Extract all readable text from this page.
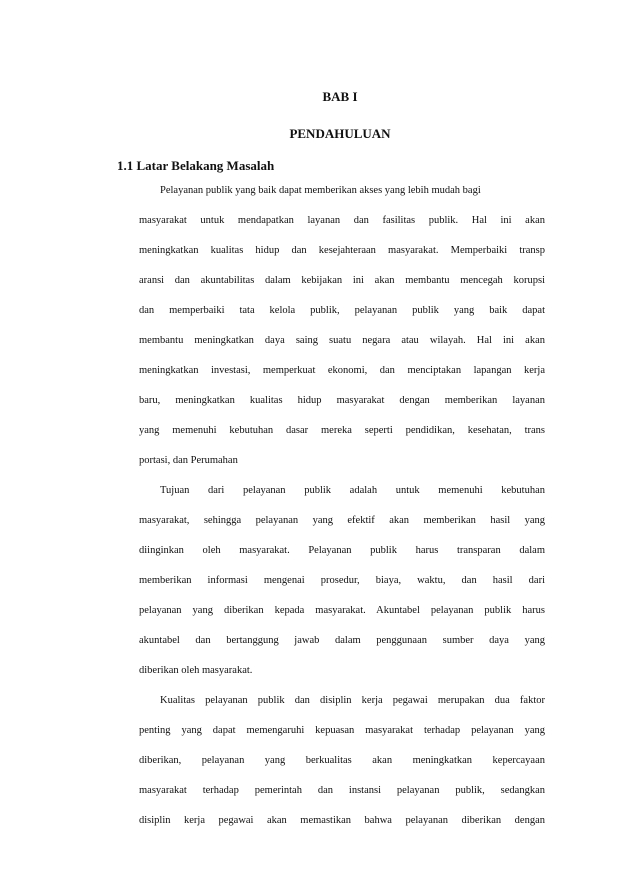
BAB I
PENDAHULUAN
1.1 Latar Belakang Masalah

Pelayanan publik yang baik dapat memberikan akses yang lebih mudah bagi
masyarakat untuk mendapatkan layanan dan fasilitas publik. Hal ini akan
meningkatkan kualitas hidup dan kesejahteraan masyarakat. Memperbaiki transp
aransi dan akuntabilitas dalam kebijakan ini akan membantu mencegah korupsi
dan memperbaiki tata kelola publik, pelayanan publik yang baik dapat
membantu meningkatkan daya saing suatu negara atau wilayah. Hal ini akan
meningkatkan investasi, memperkuat ekonomi, dan menciptakan lapangan kerja
baru, meningkatkan kualitas hidup masyarakat dengan memberikan layanan
yang memenuhi kebutuhan dasar mereka seperti pendidikan, kesehatan, trans
portasi, dan Perumahan

Tujuan dari pelayanan publik adalah untuk memenuhi kebutuhan
masyarakat, sehingga pelayanan yang efektif akan memberikan hasil yang
diinginkan oleh masyarakat. Pelayanan publik harus transparan dalam
memberikan informasi mengenai prosedur, biaya, waktu, dan hasil dari
pelayanan yang diberikan kepada masyarakat. Akuntabel pelayanan publik harus
akuntabel dan bertanggung jawab dalam penggunaan sumber daya yang
diberikan oleh masyarakat.

Kualitas pelayanan publik dan disiplin kerja pegawai merupakan dua faktor
penting yang dapat memengaruhi kepuasan masyarakat terhadap pelayanan yang
diberikan, pelayanan yang berkualitas akan meningkatkan kepercayaan
masyarakat terhadap pemerintah dan instansi pelayanan publik, sedangkan
disiplin kerja pegawai akan memastikan bahwa pelayanan diberikan dengan
